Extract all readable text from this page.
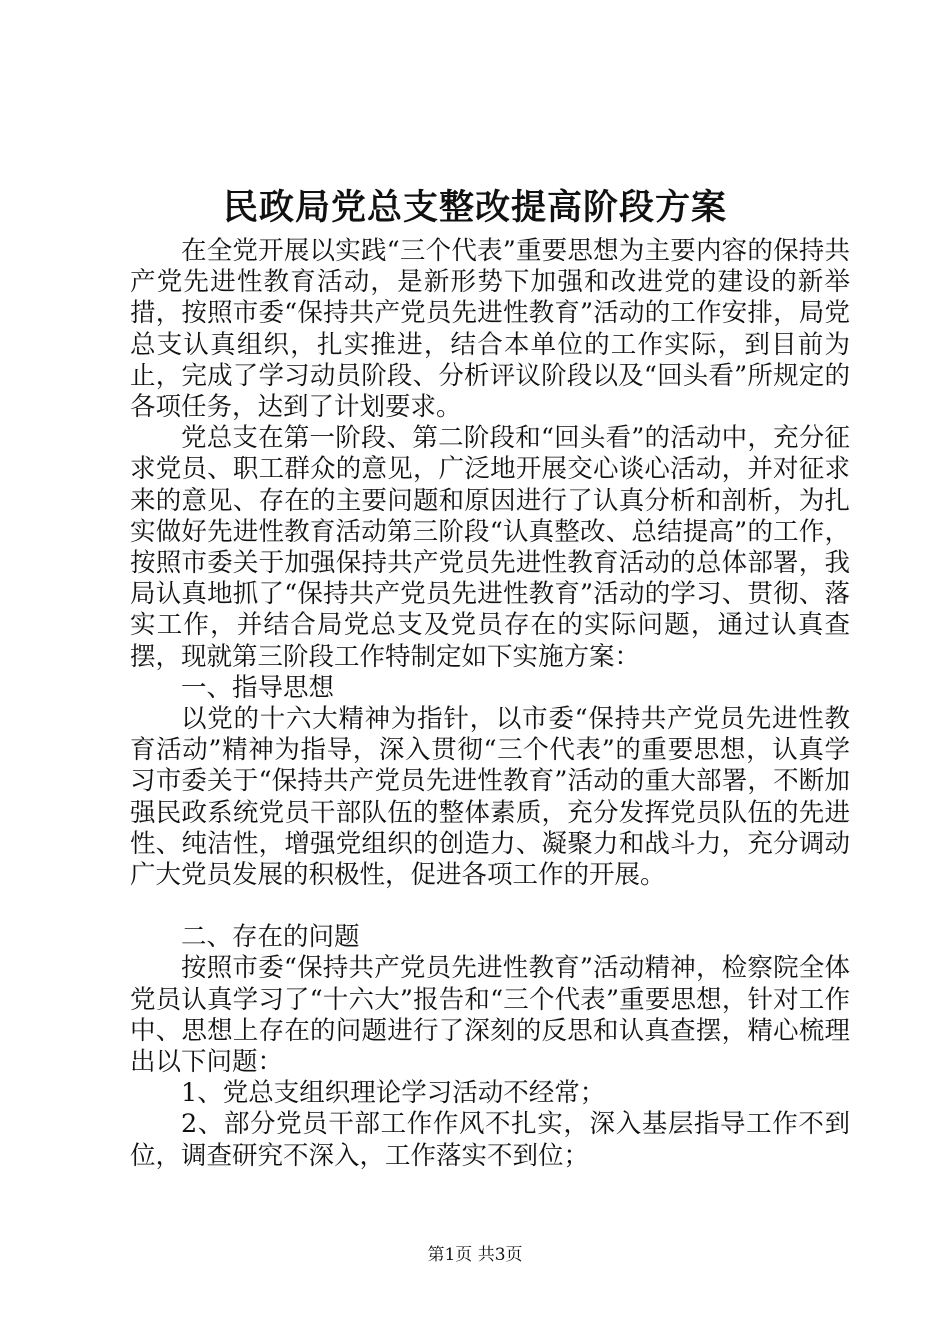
民政局党总支整改提高阶段方案

在全党开展以实践“三个代表”重要思想为主要内容的保持共产党先进性教育活动，是新形势下加强和改进党的建设的新举措，按照市委“保持共产党员先进性教育”活动的工作安排，局党总支认真组织，扎实推进，结合本单位的工作实际，到目前为止，完成了学习动员阶段、分析评议阶段以及“回头看”所规定的各项任务，达到了计划要求。

党总支在第一阶段、第二阶段和“回头看”的活动中，充分征求党员、职工群众的意见，广泛地开展交心谈心活动，并对征求来的意见、存在的主要问题和原因进行了认真分析和剖析，为扎实做好先进性教育活动第三阶段“认真整改、总结提高”的工作，按照市委关于加强保持共产党员先进性教育活动的总体部署，我局认真地抓了“保持共产党员先进性教育”活动的学习、贯彻、落实工作，并结合局党总支及党员存在的实际问题，通过认真查摆，现就第三阶段工作特制定如下实施方案：

一、指导思想

以党的十六大精神为指针，以市委“保持共产党员先进性教育活动”精神为指导，深入贯彻“三个代表”的重要思想，认真学习市委关于“保持共产党员先进性教育”活动的重大部署，不断加强民政系统党员干部队伍的整体素质，充分发挥党员队伍的先进性、纯洁性，增强党组织的创造力、凝聚力和战斗力，充分调动广大党员发展的积极性，促进各项工作的开展。

二、存在的问题

按照市委“保持共产党员先进性教育”活动精神，检察院全体党员认真学习了“十六大”报告和“三个代表”重要思想，针对工作中、思想上存在的问题进行了深刻的反思和认真查摆，精心梳理出以下问题：

1、党总支组织理论学习活动不经常；

2、部分党员干部工作作风不扎实，深入基层指导工作不到位，调查研究不深入，工作落实不到位；

第1页 共3页
